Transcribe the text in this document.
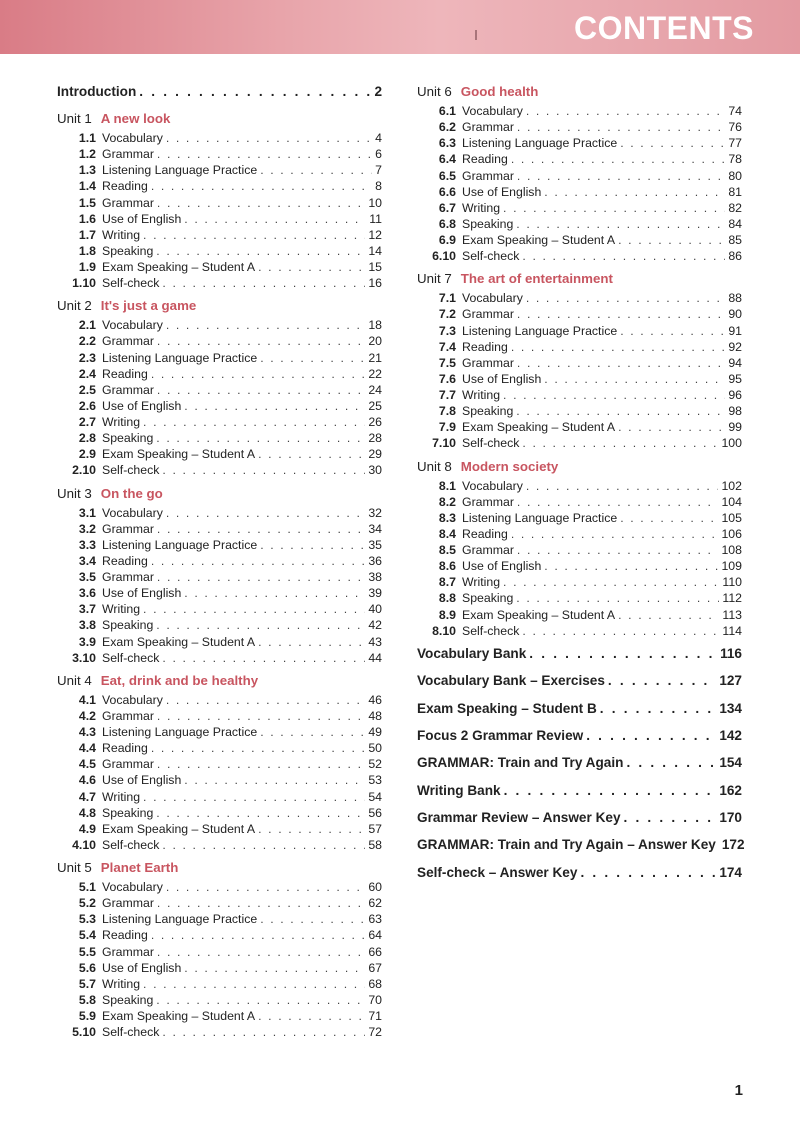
CONTENTS
Introduction . . .	2
Unit 1 A new look
1.1 Vocabulary . . .	4
1.2 Grammar . . .	6
1.3 Listening Language Practice . . .	7
1.4 Reading . . .	8
1.5 Grammar . . .	10
1.6 Use of English . . .	11
1.7 Writing . . .	12
1.8 Speaking . . .	14
1.9 Exam Speaking – Student A . . .	15
1.10 Self-check . . .	16
Unit 2 It's just a game
2.1 Vocabulary . . .	18
2.2 Grammar . . .	20
2.3 Listening Language Practice . . .	21
2.4 Reading . . .	22
2.5 Grammar . . .	24
2.6 Use of English . . .	25
2.7 Writing . . .	26
2.8 Speaking . . .	28
2.9 Exam Speaking – Student A . . .	29
2.10 Self-check . . .	30
Unit 3 On the go
3.1 Vocabulary . . .	32
3.2 Grammar . . .	34
3.3 Listening Language Practice . . .	35
3.4 Reading . . .	36
3.5 Grammar . . .	38
3.6 Use of English . . .	39
3.7 Writing . . .	40
3.8 Speaking . . .	42
3.9 Exam Speaking – Student A . . .	43
3.10 Self-check . . .	44
Unit 4 Eat, drink and be healthy
4.1 Vocabulary . . .	46
4.2 Grammar . . .	48
4.3 Listening Language Practice . . .	49
4.4 Reading . . .	50
4.5 Grammar . . .	52
4.6 Use of English . . .	53
4.7 Writing . . .	54
4.8 Speaking . . .	56
4.9 Exam Speaking – Student A . . .	57
4.10 Self-check . . .	58
Unit 5 Planet Earth
5.1 Vocabulary . . .	60
5.2 Grammar . . .	62
5.3 Listening Language Practice . . .	63
5.4 Reading . . .	64
5.5 Grammar . . .	66
5.6 Use of English . . .	67
5.7 Writing . . .	68
5.8 Speaking . . .	70
5.9 Exam Speaking – Student A . . .	71
5.10 Self-check . . .	72
Unit 6 Good health
6.1 Vocabulary . . .	74
6.2 Grammar . . .	76
6.3 Listening Language Practice . . .	77
6.4 Reading . . .	78
6.5 Grammar . . .	80
6.6 Use of English . . .	81
6.7 Writing . . .	82
6.8 Speaking . . .	84
6.9 Exam Speaking – Student A . . .	85
6.10 Self-check . . .	86
Unit 7 The art of entertainment
7.1 Vocabulary . . .	88
7.2 Grammar . . .	90
7.3 Listening Language Practice . . .	91
7.4 Reading . . .	92
7.5 Grammar . . .	94
7.6 Use of English . . .	95
7.7 Writing . . .	96
7.8 Speaking . . .	98
7.9 Exam Speaking – Student A . . .	99
7.10 Self-check . . .	100
Unit 8 Modern society
8.1 Vocabulary . . .	102
8.2 Grammar . . .	104
8.3 Listening Language Practice . . .	105
8.4 Reading . . .	106
8.5 Grammar . . .	108
8.6 Use of English . . .	109
8.7 Writing . . .	110
8.8 Speaking . . .	112
8.9 Exam Speaking – Student A . . .	113
8.10 Self-check . . .	114
Vocabulary Bank . . .	116
Vocabulary Bank – Exercises . . .	127
Exam Speaking – Student B . . .	134
Focus 2 Grammar Review . . .	142
GRAMMAR: Train and Try Again . . .	154
Writing Bank . . .	162
Grammar Review – Answer Key . . .	170
GRAMMAR: Train and Try Again – Answer Key 172
Self-check – Answer Key . . .	174
1
